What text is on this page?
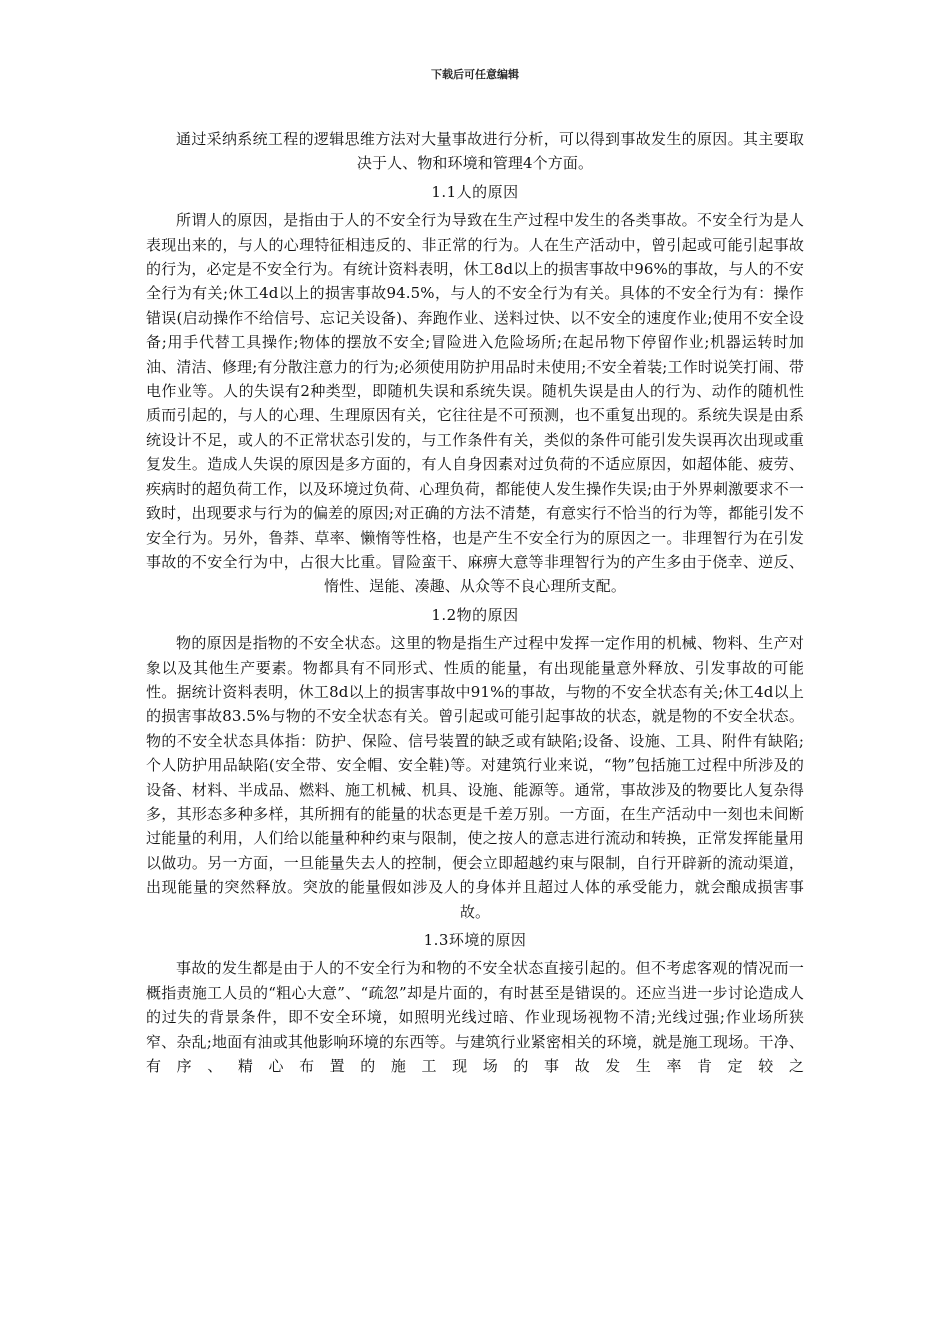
下载后可任意编辑

通过采纳系统工程的逻辑思维方法对大量事故进行分析，可以得到事故发生的原因。其主要取决于人、物和环境和管理4个方面。

1.1人的原因

所谓人的原因，是指由于人的不安全行为导致在生产过程中发生的各类事故。不安全行为是人表现出来的，与人的心理特征相违反的、非正常的行为。人在生产活动中，曾引起或可能引起事故的行为，必定是不安全行为。有统计资料表明，休工8d以上的损害事故中96%的事故，与人的不安全行为有关;休工4d以上的损害事故94.5%，与人的不安全行为有关。具体的不安全行为有：操作错误(启动操作不给信号、忘记关设备)、奔跑作业、送料过快、以不安全的速度作业;使用不安全设备;用手代替工具操作;物体的摆放不安全;冒险进入危险场所;在起吊物下停留作业;机器运转时加油、清洁、修理;有分散注意力的行为;必须使用防护用品时未使用;不安全着装;工作时说笑打闹、带电作业等。人的失误有2种类型，即随机失误和系统失误。随机失误是由人的行为、动作的随机性质而引起的，与人的心理、生理原因有关，它往往是不可预测，也不重复出现的。系统失误是由系统设计不足，或人的不正常状态引发的，与工作条件有关，类似的条件可能引发失误再次出现或重复发生。造成人失误的原因是多方面的，有人自身因素对过负荷的不适应原因，如超体能、疲劳、疾病时的超负荷工作，以及环境过负荷、心理负荷，都能使人发生操作失误;由于外界刺激要求不一致时，出现要求与行为的偏差的原因;对正确的方法不清楚，有意实行不恰当的行为等，都能引发不安全行为。另外，鲁莽、草率、懒惰等性格，也是产生不安全行为的原因之一。非理智行为在引发事故的不安全行为中，占很大比重。冒险蛮干、麻痹大意等非理智行为的产生多由于侥幸、逆反、惰性、逞能、凑趣、从众等不良心理所支配。

1.2物的原因

物的原因是指物的不安全状态。这里的物是指生产过程中发挥一定作用的机械、物料、生产对象以及其他生产要素。物都具有不同形式、性质的能量，有出现能量意外释放、引发事故的可能性。据统计资料表明，休工8d以上的损害事故中91%的事故，与物的不安全状态有关;休工4d以上的损害事故83.5%与物的不安全状态有关。曾引起或可能引起事故的状态，就是物的不安全状态。物的不安全状态具体指：防护、保险、信号装置的缺乏或有缺陷;设备、设施、工具、附件有缺陷;个人防护用品缺陷(安全带、安全帽、安全鞋)等。对建筑行业来说，“物”包括施工过程中所涉及的设备、材料、半成品、燃料、施工机械、机具、设施、能源等。通常，事故涉及的物要比人复杂得多，其形态多种多样，其所拥有的能量的状态更是千差万别。一方面，在生产活动中一刻也未间断过能量的利用，人们给以能量种种约束与限制，使之按人的意志进行流动和转换，正常发挥能量用以做功。另一方面，一旦能量失去人的控制，便会立即超越约束与限制，自行开辟新的流动渠道，出现能量的突然释放。突放的能量假如涉及人的身体并且超过人体的承受能力，就会酿成损害事故。

1.3环境的原因

事故的发生都是由于人的不安全行为和物的不安全状态直接引起的。但不考虑客观的情况而一概指责施工人员的“粗心大意”、“疏忽”却是片面的，有时甚至是错误的。还应当进一步讨论造成人的过失的背景条件，即不安全环境，如照明光线过暗、作业现场视物不清;光线过强;作业场所狭窄、杂乱;地面有油或其他影响环境的东西等。与建筑行业紧密相关的环境，就是施工现场。干净、有序、精心布置的施工现场的事故发生率肯定较之
